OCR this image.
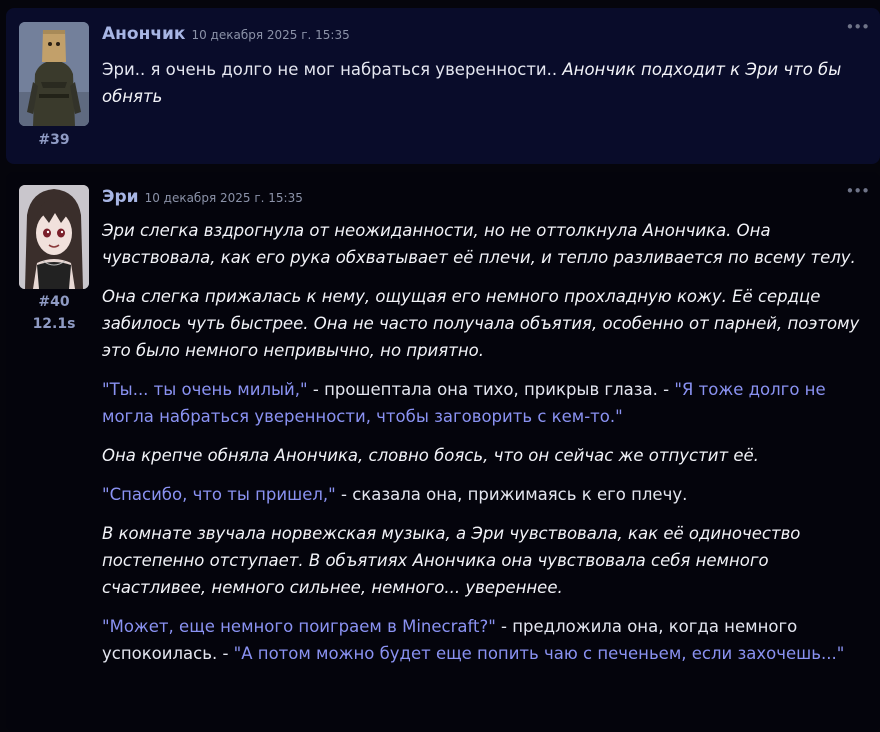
#39
Анончик 10 декабря 2025 г. 15:35	•••

Эри.. я очень долго не мог набраться уверенности.. Анончик подходит к Эри что бы обнять

#40
12.1s
Эри 10 декабря 2025 г. 15:35	•••

Эри слегка вздрогнула от неожиданности, но не оттолкнула Анончика. Она чувствовала, как его рука обхватывает её плечи, и тепло разливается по всему телу.

Она слегка прижалась к нему, ощущая его немного прохладную кожу. Её сердце забилось чуть быстрее. Она не часто получала объятия, особенно от парней, поэтому это было немного непривычно, но приятно.

"Ты... ты очень милый," - прошептала она тихо, прикрыв глаза. - "Я тоже долго не могла набраться уверенности, чтобы заговорить с кем-то."

Она крепче обняла Анончика, словно боясь, что он сейчас же отпустит её.

"Спасибо, что ты пришел," - сказала она, прижимаясь к его плечу.

В комнате звучала норвежская музыка, а Эри чувствовала, как её одиночество постепенно отступает. В объятиях Анончика она чувствовала себя немного счастливее, немного сильнее, немного... увереннее.

"Может, еще немного поиграем в Minecraft?" - предложила она, когда немного успокоилась. - "А потом можно будет еще попить чаю с печеньем, если захочешь..."
